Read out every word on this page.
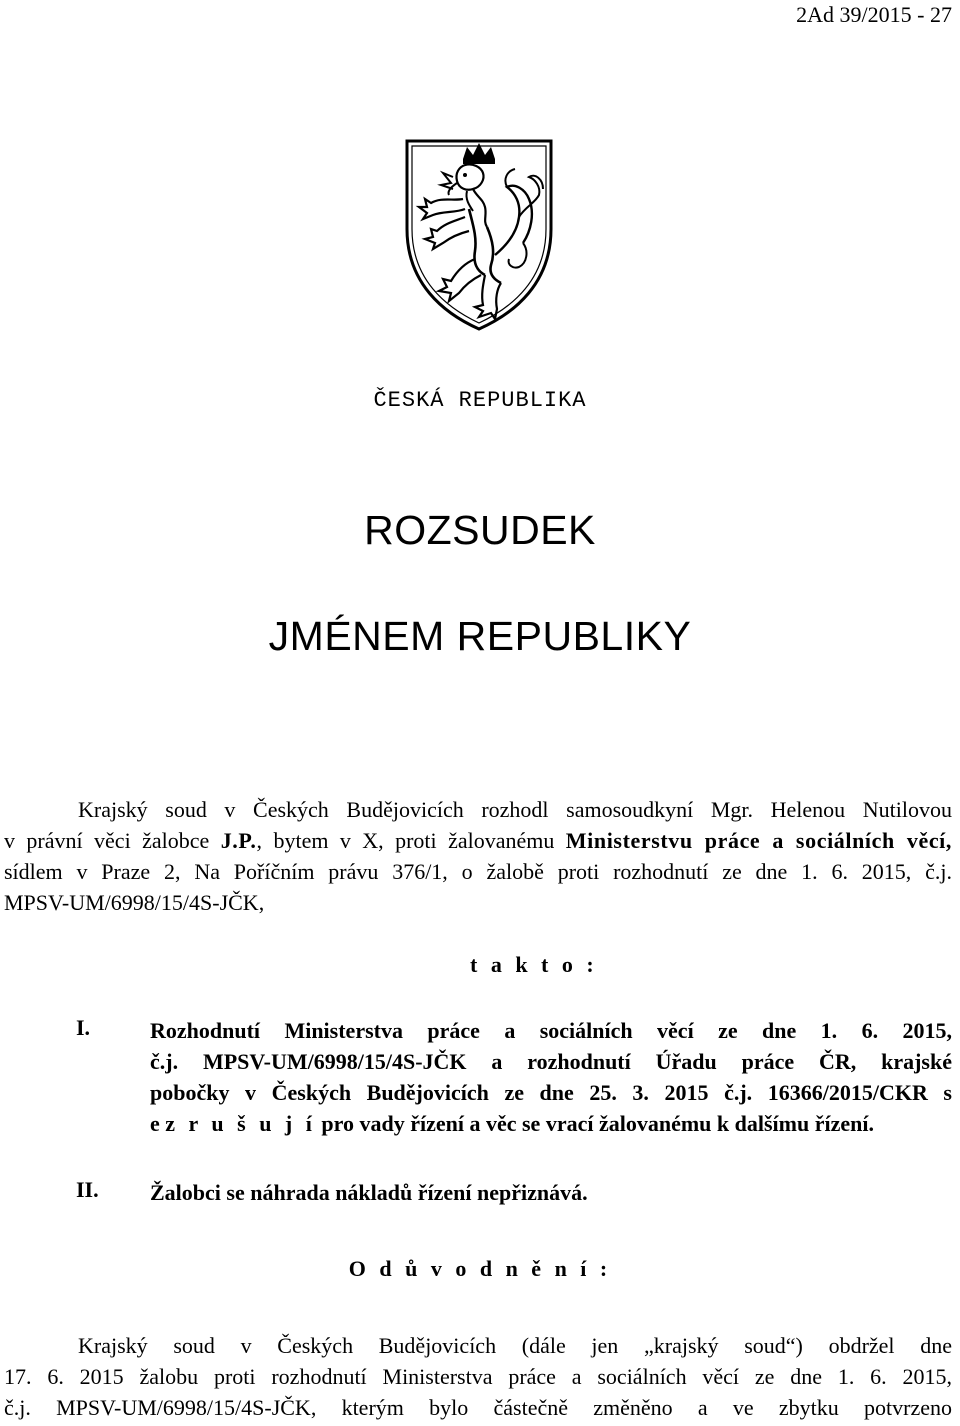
2Ad 39/2015 - 27
ČESKÁ REPUBLIKA
ROZSUDEK
JMÉNEM REPUBLIKY
Krajský soud v Českých Budějovicích rozhodl samosoudkyní Mgr. Helenou Nutilovou
v právní věci žalobce J.P., bytem v X, proti žalovanému Ministerstvu práce a sociálních věcí,
sídlem v Praze 2, Na Poříčním právu 376/1, o žalobě proti rozhodnutí ze dne 1. 6. 2015, č.j.
MPSV-UM/6998/15/4S-JČK,
t a k t o :
I.	Rozhodnutí Ministerstva práce a sociálních věcí ze dne 1. 6. 2015,
č.j. MPSV-UM/6998/15/4S-JČK a rozhodnutí Úřadu práce ČR, krajské
pobočky v Českých Budějovicích ze dne 25. 3. 2015 č.j. 16366/2015/CKR s
e z r u š u j í pro vady řízení a věc se vrací žalovanému k dalšímu řízení.
II. Žalobci se náhrada nákladů řízení nepřiznává.
O d ů v o d n ě n í :
Krajský soud v Českých Budějovicích (dále jen „krajský soud“) obdržel dne
17. 6. 2015 žalobu proti rozhodnutí Ministerstva práce a sociálních věcí ze dne 1. 6. 2015,
č.j. MPSV-UM/6998/15/4S-JČK, kterým bylo částečně změněno a ve zbytku potvrzeno
